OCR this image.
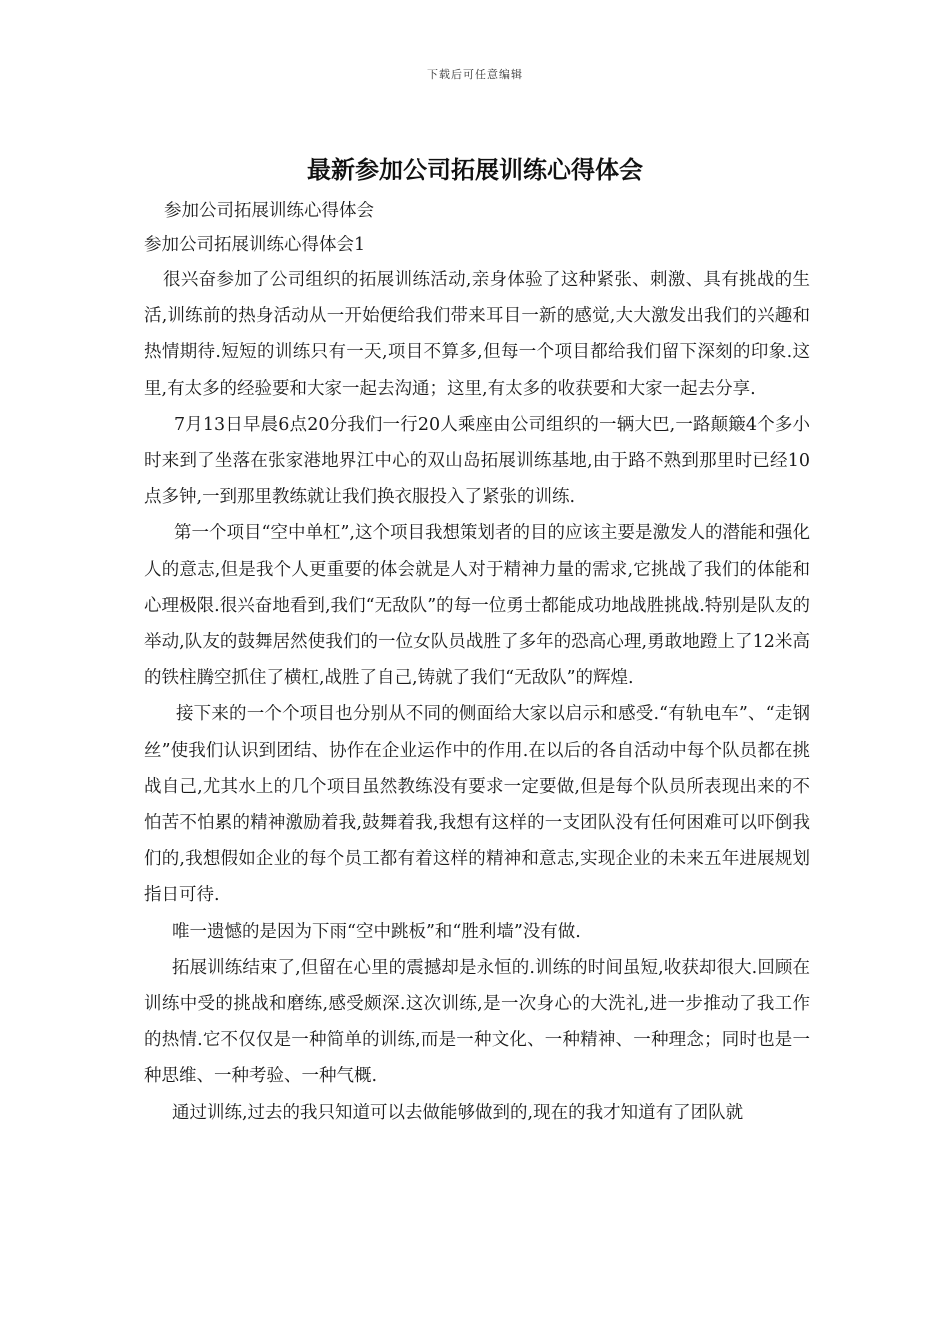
下载后可任意编辑
最新参加公司拓展训练心得体会
参加公司拓展训练心得体会
参加公司拓展训练心得体会1

很兴奋参加了公司组织的拓展训练活动,亲身体验了这种紧张、刺激、具有挑战的生活,训练前的热身活动从一开始便给我们带来耳目一新的感觉,大大激发出我们的兴趣和热情期待.短短的训练只有一天,项目不算多,但每一个项目都给我们留下深刻的印象.这里,有太多的经验要和大家一起去沟通；这里,有太多的收获要和大家一起去分享.

7月13日早晨6点20分我们一行20人乘座由公司组织的一辆大巴,一路颠簸4个多小时来到了坐落在张家港地界江中心的双山岛拓展训练基地,由于路不熟到那里时已经10点多钟,一到那里教练就让我们换衣服投入了紧张的训练.

第一个项目“空中单杠”,这个项目我想策划者的目的应该主要是激发人的潜能和强化人的意志,但是我个人更重要的体会就是人对于精神力量的需求,它挑战了我们的体能和心理极限.很兴奋地看到,我们“无敌队”的每一位勇士都能成功地战胜挑战.特别是队友的举动,队友的鼓舞居然使我们的一位女队员战胜了多年的恐高心理,勇敢地蹬上了12米高的铁柱腾空抓住了横杠,战胜了自己,铸就了我们“无敌队”的辉煌.

接下来的一个个项目也分别从不同的侧面给大家以启示和感受.“有轨电车”、“走钢丝”使我们认识到团结、协作在企业运作中的作用.在以后的各自活动中每个队员都在挑战自己,尤其水上的几个项目虽然教练没有要求一定要做,但是每个队员所表现出来的不怕苦不怕累的精神激励着我,鼓舞着我,我想有这样的一支团队没有任何困难可以吓倒我们的,我想假如企业的每个员工都有着这样的精神和意志,实现企业的未来五年进展规划指日可待.

唯一遗憾的是因为下雨“空中跳板”和“胜利墙”没有做.

拓展训练结束了,但留在心里的震撼却是永恒的.训练的时间虽短,收获却很大.回顾在训练中受的挑战和磨练,感受颇深.这次训练,是一次身心的大洗礼,进一步推动了我工作的热情.它不仅仅是一种简单的训练,而是一种文化、一种精神、一种理念；同时也是一种思维、一种考验、一种气概.

通过训练,过去的我只知道可以去做能够做到的,现在的我才知道有了团队就
